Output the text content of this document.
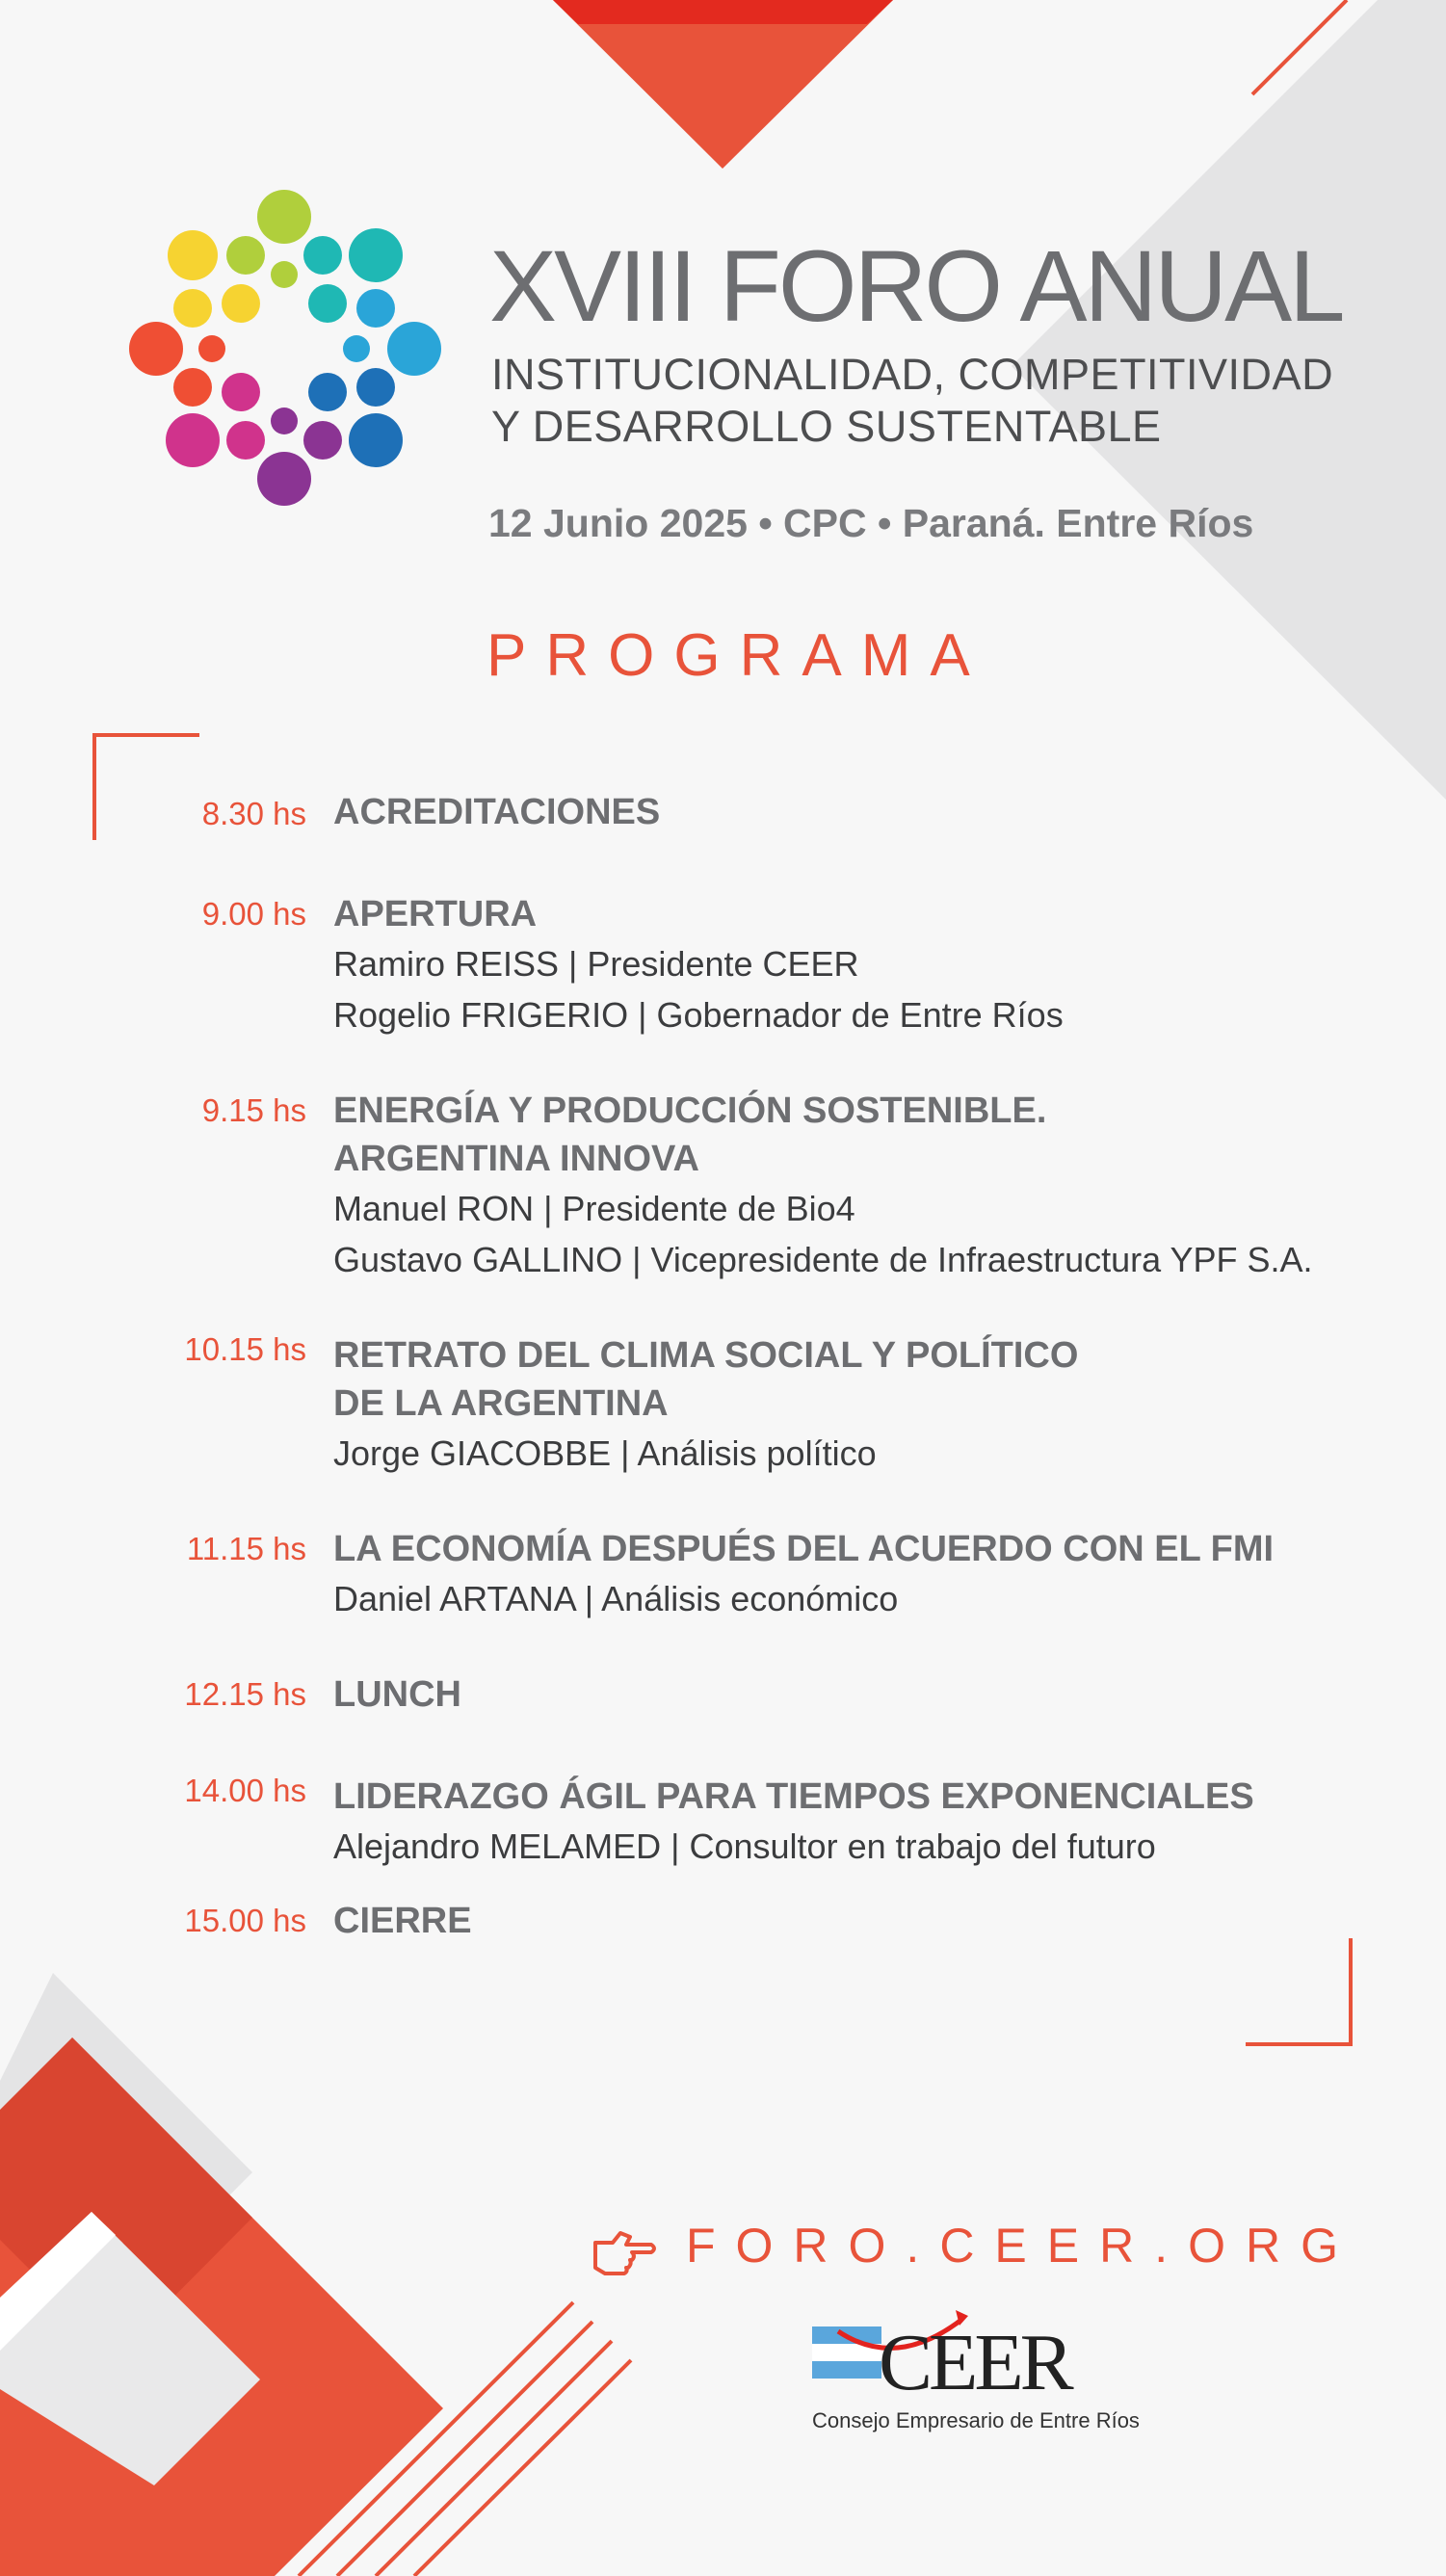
XVIII FORO ANUAL
INSTITUCIONALIDAD, COMPETITIVIDAD
Y DESARROLLO SUSTENTABLE
12 Junio 2025 • CPC • Paraná. Entre Ríos
PROGRAMA
8.30 hs ACREDITACIONES
9.00 hs APERTURA
Ramiro REISS | Presidente CEER
Rogelio FRIGERIO | Gobernador de Entre Ríos
9.15 hs ENERGÍA Y PRODUCCIÓN SOSTENIBLE.
ARGENTINA INNOVA
Manuel RON | Presidente de Bio4
Gustavo GALLINO | Vicepresidente de Infraestructura YPF S.A.
10.15 hs RETRATO DEL CLIMA SOCIAL Y POLÍTICO
DE LA ARGENTINA
Jorge GIACOBBE | Análisis político
11.15 hs LA ECONOMÍA DESPUÉS DEL ACUERDO CON EL FMI
Daniel ARTANA | Análisis económico
12.15 hs LUNCH
14.00 hs LIDERAZGO ÁGIL PARA TIEMPOS EXPONENCIALES
Alejandro MELAMED | Consultor en trabajo del futuro
15.00 hs CIERRE
FORO.CEER.ORG
CEER
Consejo Empresario de Entre Ríos
